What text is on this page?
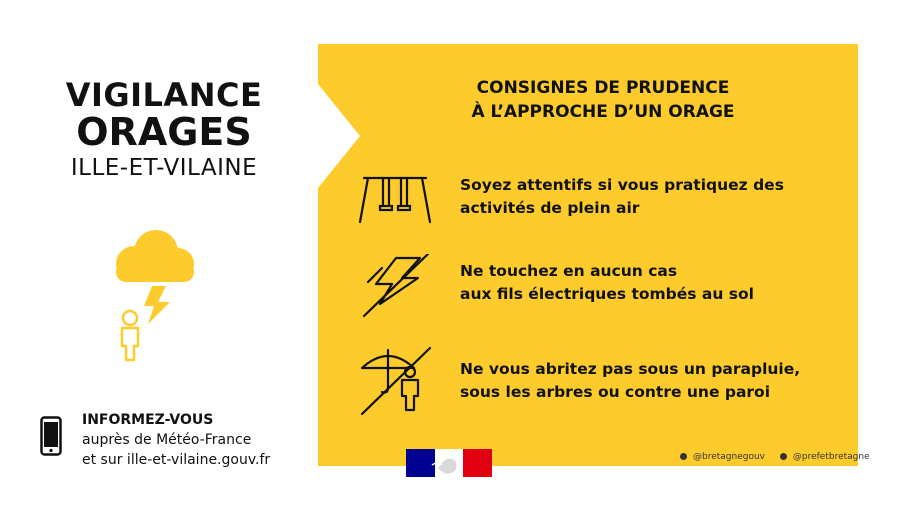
VIGILANCE
ORAGES
ILLE-ET-VILAINE
INFORMEZ-VOUS
auprès de Météo-France
et sur ille-et-vilaine.gouv.fr
CONSIGNES DE PRUDENCE
À L’APPROCHE D’UN ORAGE
Soyez attentifs si vous pratiquez des
activités de plein air
Ne touchez en aucun cas
aux fils électriques tombés au sol
Ne vous abritez pas sous un parapluie,
sous les arbres ou contre une paroi
@bretagnegouv	@prefetbretagne
